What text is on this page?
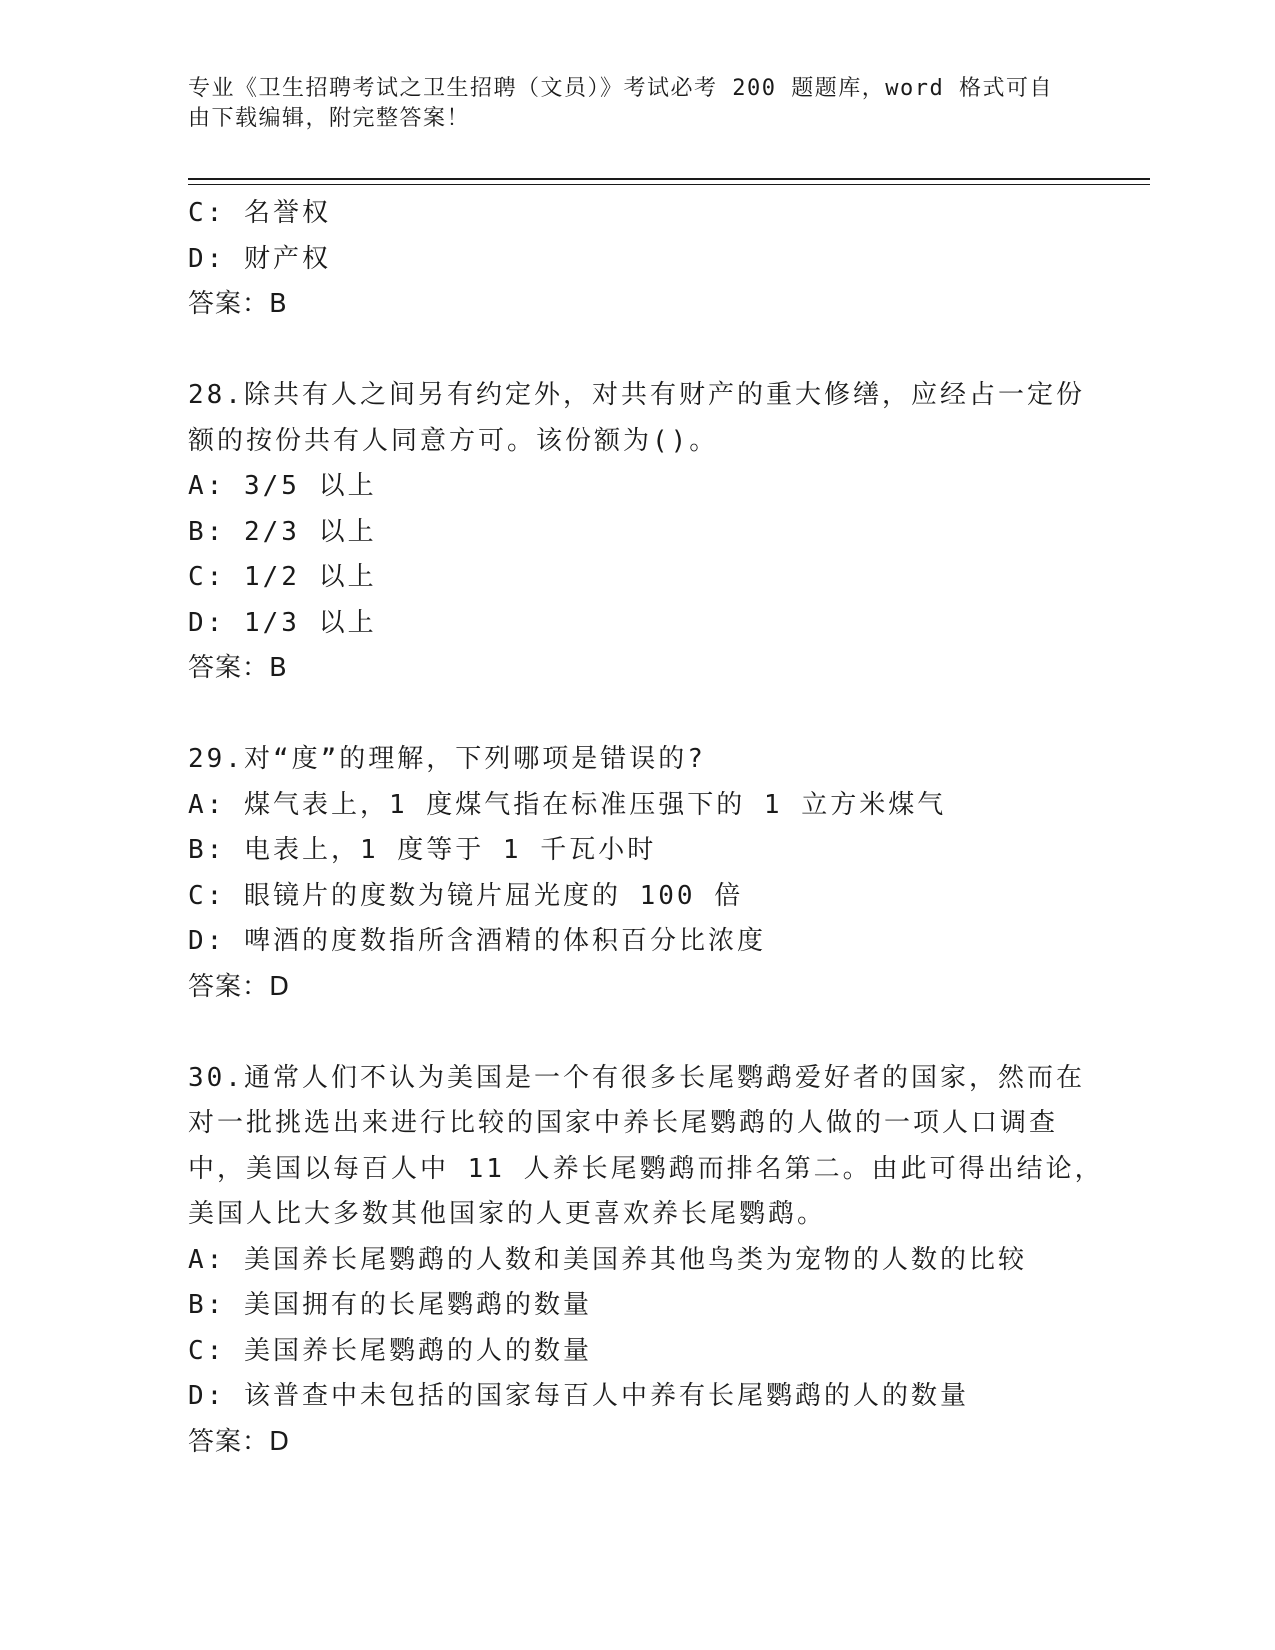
专业《卫生招聘考试之卫生招聘（文员）》考试必考 200 题题库，word 格式可自
由下载编辑，附完整答案！
C: 名誉权
D: 财产权
答案：B
28.除共有人之间另有约定外，对共有财产的重大修缮，应经占一定份
额的按份共有人同意方可。该份额为()。
A: 3/5 以上
B: 2/3 以上
C: 1/2 以上
D: 1/3 以上
答案：B
29.对“度”的理解，下列哪项是错误的?
A: 煤气表上，1 度煤气指在标准压强下的 1 立方米煤气
B: 电表上，1 度等于 1 千瓦小时
C: 眼镜片的度数为镜片屈光度的 100 倍
D: 啤酒的度数指所含酒精的体积百分比浓度
答案：D
30.通常人们不认为美国是一个有很多长尾鹦鹉爱好者的国家，然而在
对一批挑选出来进行比较的国家中养长尾鹦鹉的人做的一项人口调查
中，美国以每百人中 11 人养长尾鹦鹉而排名第二。由此可得出结论，
美国人比大多数其他国家的人更喜欢养长尾鹦鹉。
A: 美国养长尾鹦鹉的人数和美国养其他鸟类为宠物的人数的比较
B: 美国拥有的长尾鹦鹉的数量
C: 美国养长尾鹦鹉的人的数量
D: 该普查中未包括的国家每百人中养有长尾鹦鹉的人的数量
答案：D
